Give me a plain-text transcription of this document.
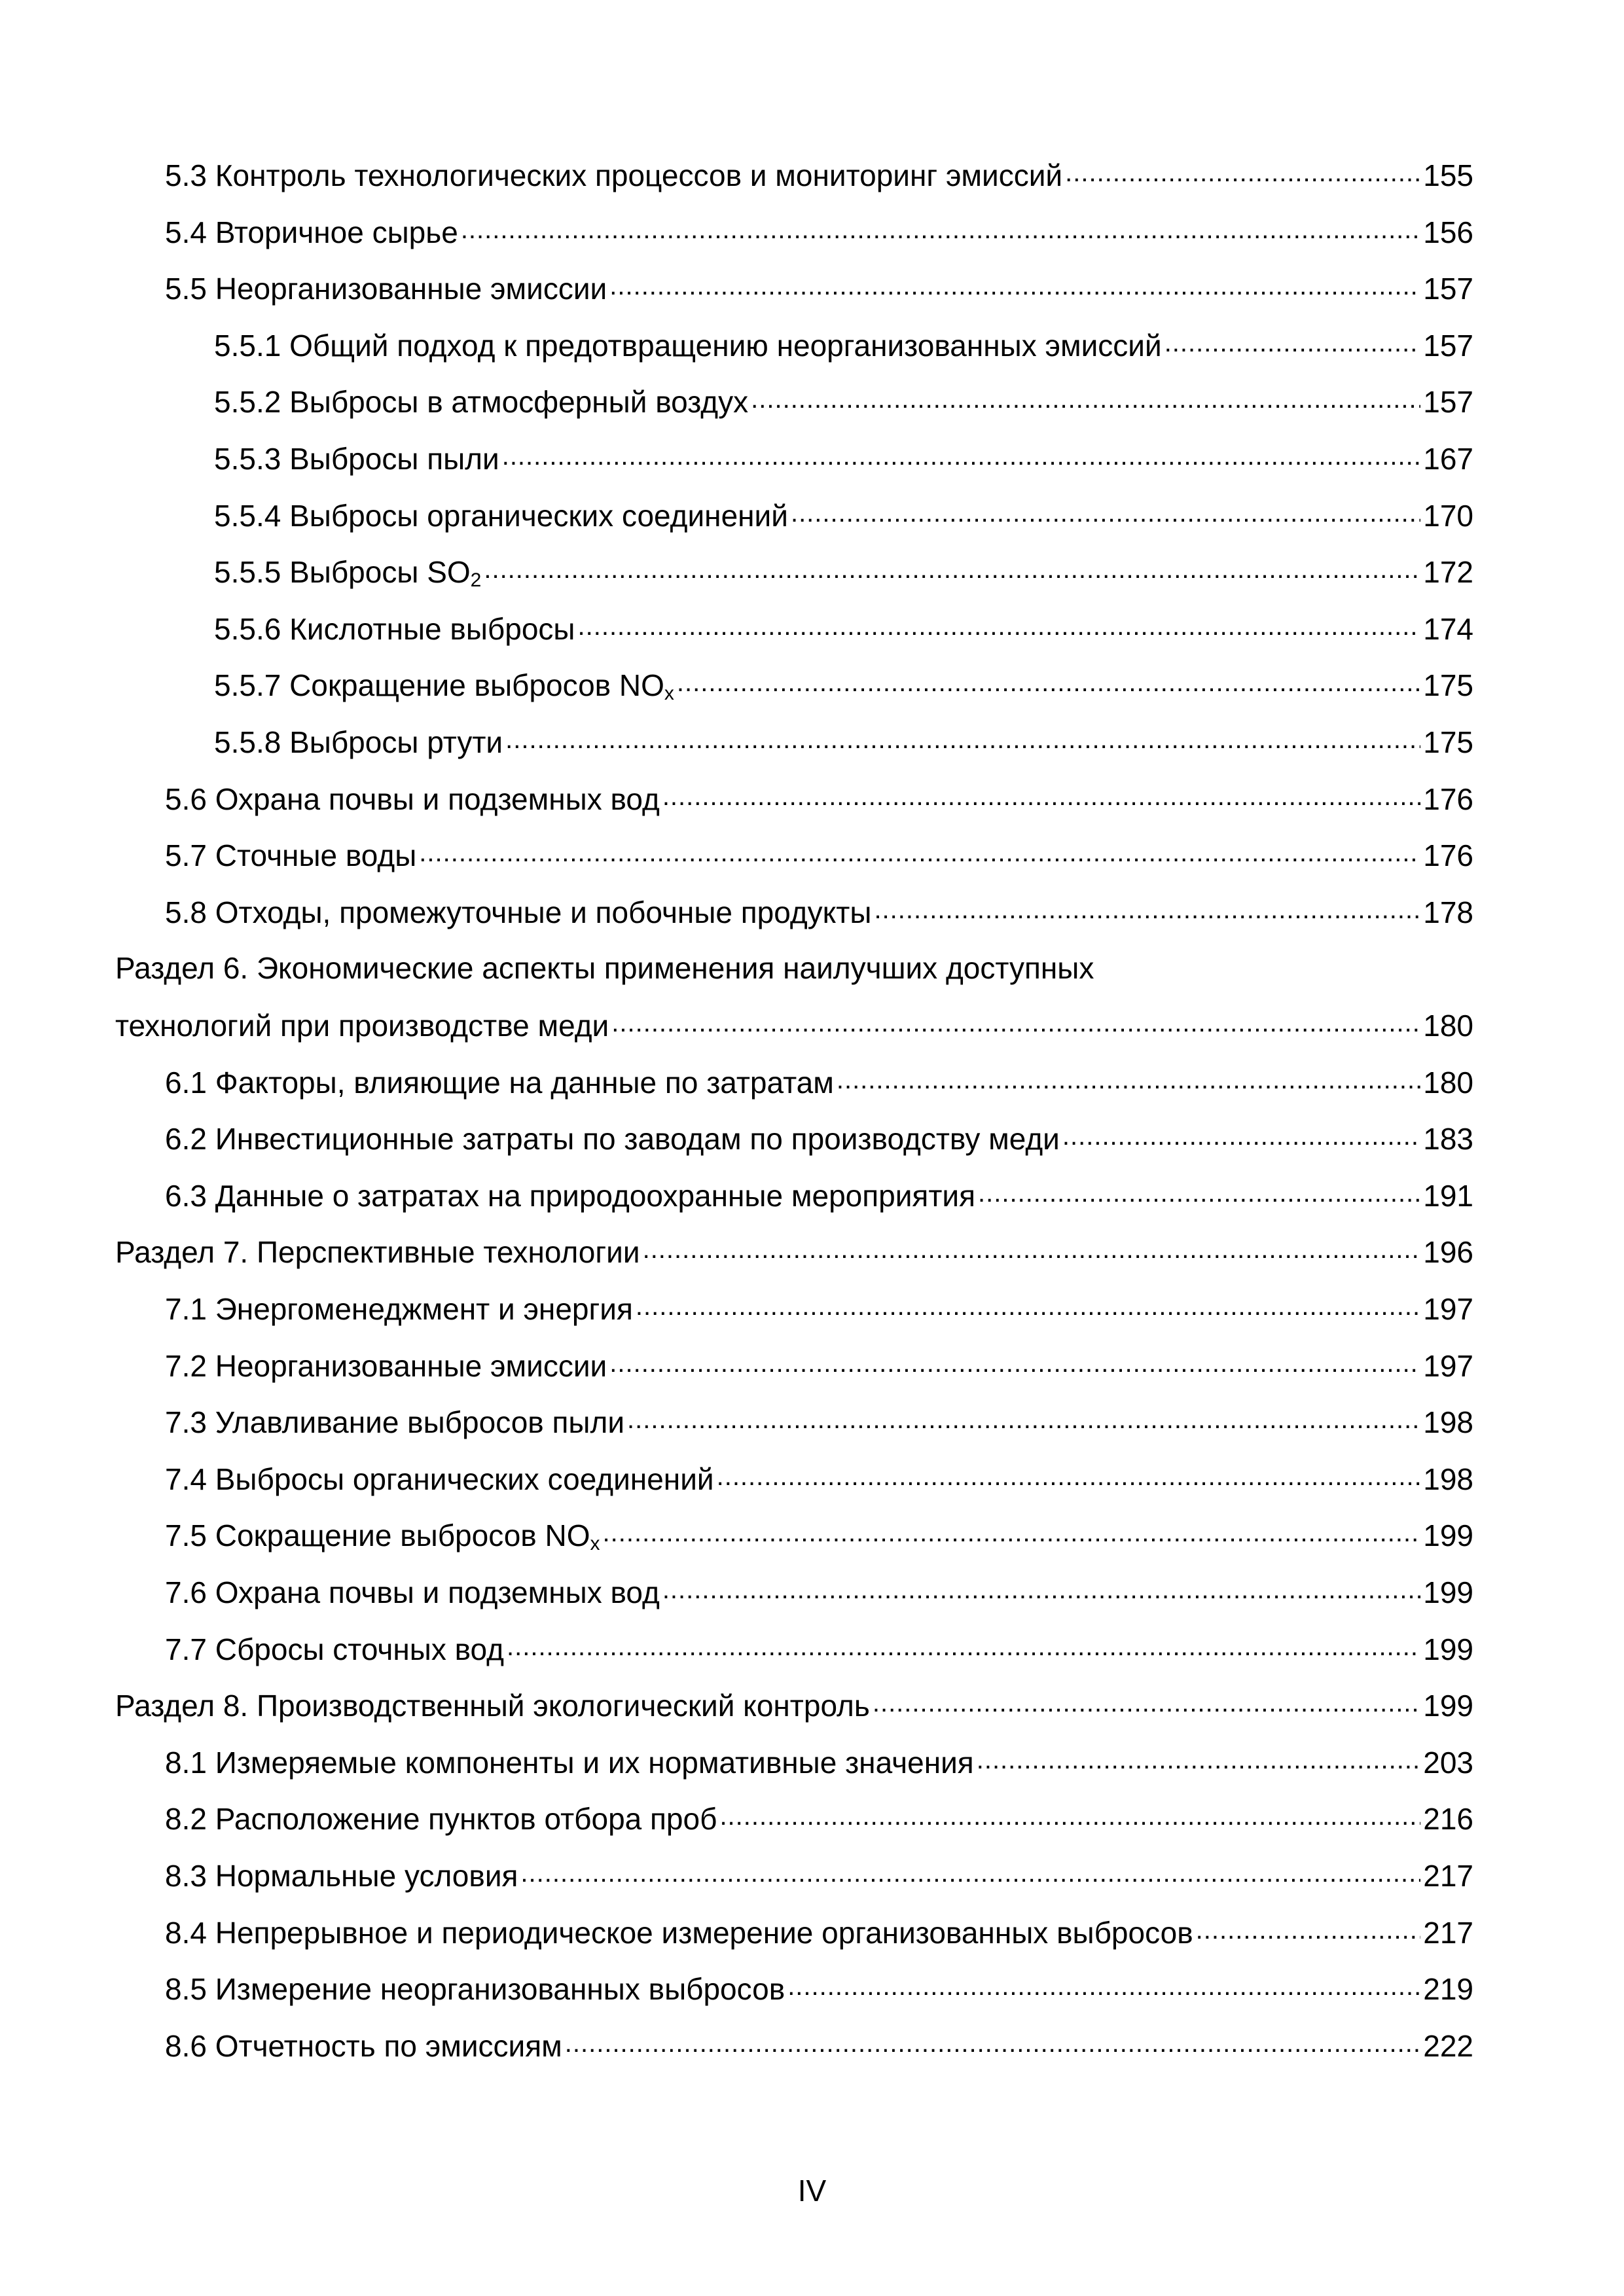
5.3 Контроль технологических процессов и мониторинг эмиссий .....	155
5.4 Вторичное сырье .....	156
5.5 Неорганизованные эмиссии .....	157
5.5.1 Общий подход к предотвращению неорганизованных эмиссий .....	157
5.5.2 Выбросы в атмосферный воздух .....	157
5.5.3 Выбросы пыли .....	167
5.5.4 Выбросы органических соединений .....	170
5.5.5 Выбросы $SO_2$ .....	172
5.5.6 Кислотные выбросы .....	174
5.5.7 Сокращение выбросов $NO_x$ .....	175
5.5.8 Выбросы ртути .....	175
5.6 Охрана почвы и подземных вод .....	176
5.7 Сточные воды .....	176
5.8 Отходы, промежуточные и побочные продукты .....	178
Раздел 6. Экономические аспекты применения наилучших доступных
технологий при производстве меди .....	180
6.1 Факторы, влияющие на данные по затратам .....	180
6.2 Инвестиционные затраты по заводам по производству меди .....	183
6.3 Данные о затратах на природоохранные мероприятия .....	191
Раздел 7. Перспективные технологии .....	196
7.1 Энергоменеджмент и энергия .....	197
7.2 Неорганизованные эмиссии .....	197
7.3 Улавливание выбросов пыли .....	198
7.4 Выбросы органических соединений .....	198
7.5 Сокращение выбросов $NO_x$ .....	199
7.6 Охрана почвы и подземных вод .....	199
7.7 Сбросы сточных вод .....	199
Раздел 8. Производственный экологический контроль .....	199
8.1 Измеряемые компоненты и их нормативные значения .....	203
8.2 Расположение пунктов отбора проб .....	216
8.3 Нормальные условия .....	217
8.4 Непрерывное и периодическое измерение организованных выбросов .....	217
8.5 Измерение неорганизованных выбросов .....	219
8.6 Отчетность по эмиссиям .....	222
IV
